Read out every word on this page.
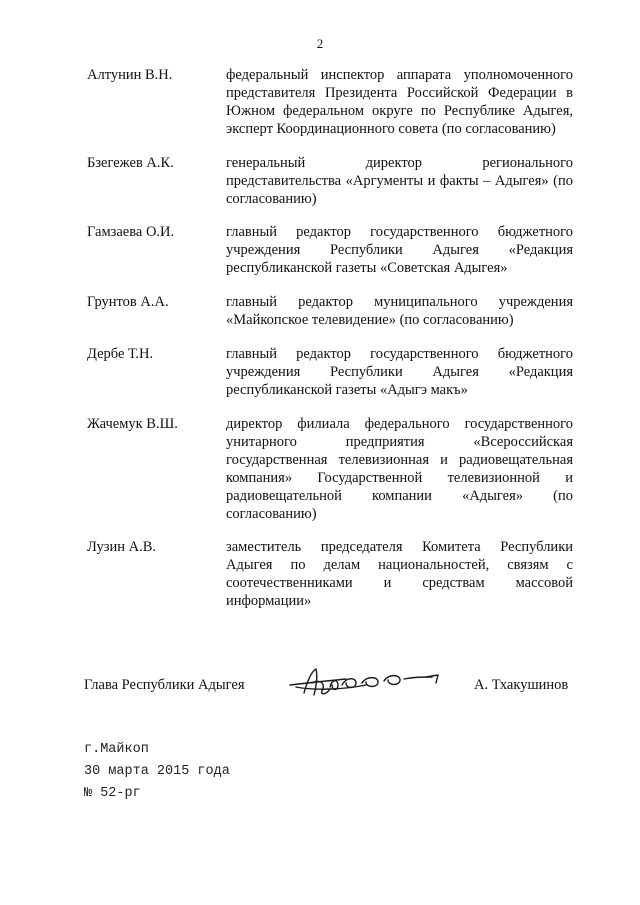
2
Алтунин В.Н.	федеральный инспектор аппарата уполномоченного представителя Президента Российской Федерации в Южном федеральном округе по Республике Адыгея, эксперт Координационного совета (по согласованию)
Бзегежев А.К.	генеральный директор регионального представительства «Аргументы и факты – Адыгея» (по согласованию)
Гамзаева О.И.	главный редактор государственного бюджетного учреждения Республики Адыгея «Редакция республиканской газеты «Советская Адыгея»
Грунтов А.А.	главный редактор муниципального учреждения «Майкопское телевидение» (по согласованию)
Дербе Т.Н.	главный редактор государственного бюджетного учреждения Республики Адыгея «Редакция республиканской газеты «Адыгэ макъ»
Жачемук В.Ш.	директор филиала федерального государственного унитарного предприятия «Всероссийская государственная телевизионная и радиовещательная компания» Государственной телевизионной и радиовещательной компании «Адыгея» (по согласованию)
Лузин А.В.	заместитель председателя Комитета Республики Адыгея по делам национальностей, связям с соотечественниками и средствам массовой информации»
Глава Республики Адыгея	А. Тхакушинов
г.Майкоп
30 марта 2015 года
№ 52-рг
